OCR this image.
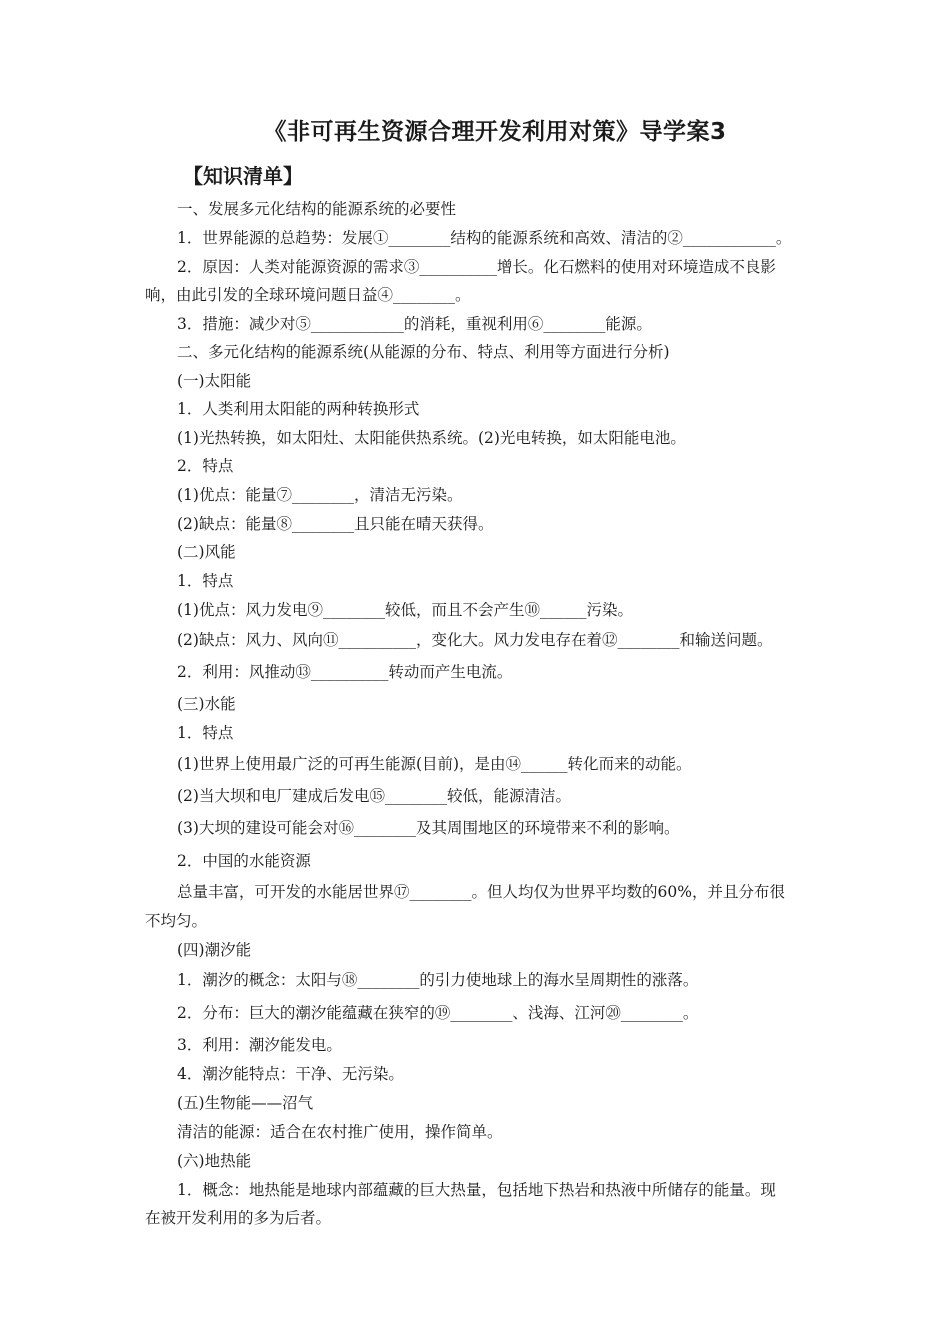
《非可再生资源合理开发利用对策》导学案3
【知识清单】
一、发展多元化结构的能源系统的必要性
1．世界能源的总趋势：发展①________结构的能源系统和高效、清洁的②____________。
2．原因：人类对能源资源的需求③__________增长。化石燃料的使用对环境造成不良影
响，由此引发的全球环境问题日益④________。
3．措施：减少对⑤____________的消耗，重视利用⑥________能源。
二、多元化结构的能源系统(从能源的分布、特点、利用等方面进行分析)
(一)太阳能
1．人类利用太阳能的两种转换形式
(1)光热转换，如太阳灶、太阳能供热系统。(2)光电转换，如太阳能电池。
2．特点
(1)优点：能量⑦________，清洁无污染。
(2)缺点：能量⑧________且只能在晴天获得。
(二)风能
1．特点
(1)优点：风力发电⑨________较低，而且不会产生⑩______污染。
(2)缺点：风力、风向⑪__________，变化大。风力发电存在着⑫________和输送问题。
2．利用：风推动⑬__________转动而产生电流。
(三)水能
1．特点
(1)世界上使用最广泛的可再生能源(目前)，是由⑭______转化而来的动能。
(2)当大坝和电厂建成后发电⑮________较低，能源清洁。
(3)大坝的建设可能会对⑯________及其周围地区的环境带来不利的影响。
2．中国的水能资源
总量丰富，可开发的水能居世界⑰________。但人均仅为世界平均数的60%，并且分布很
不均匀。
(四)潮汐能
1．潮汐的概念：太阳与⑱________的引力使地球上的海水呈周期性的涨落。
2．分布：巨大的潮汐能蕴藏在狭窄的⑲________、浅海、江河⑳________。
3．利用：潮汐能发电。
4．潮汐能特点：干净、无污染。
(五)生物能——沼气
清洁的能源：适合在农村推广使用，操作简单。
(六)地热能
1．概念：地热能是地球内部蕴藏的巨大热量，包括地下热岩和热液中所储存的能量。现
在被开发利用的多为后者。
